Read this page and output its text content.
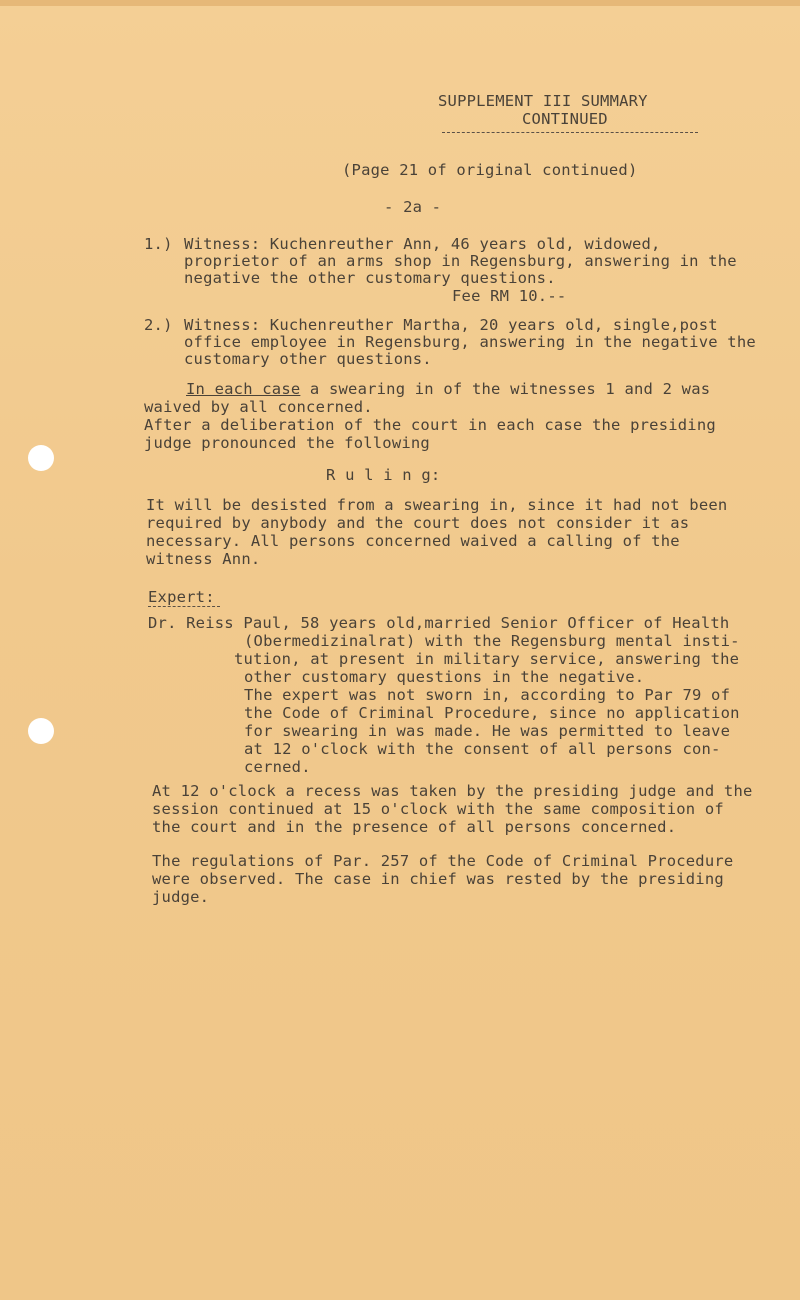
SUPPLEMENT III SUMMARY
CONTINUED
(Page 21 of original continued)
- 2a -
1.) Witness: Kuchenreuther Ann, 46 years old, widowed,
proprietor of an arms shop in Regensburg, answering in the
negative the other customary questions.
Fee RM 10.--
2.) Witness: Kuchenreuther Martha, 20 years old, single,post
office employee in Regensburg, answering in the negative the
customary other questions.
In each case a swearing in of the witnesses 1 and 2 was
waived by all concerned.
After a deliberation of the court in each case the presiding
judge pronounced the following
R u l i n g:
It will be desisted from a swearing in, since it had not been
required by anybody and the court does not consider it as
necessary. All persons concerned waived a calling of the
witness Ann.
Expert:
Dr. Reiss Paul, 58 years old,married Senior Officer of Health
(Obermedizinalrat) with the Regensburg mental insti-
tution, at present in military service, answering the
other customary questions in the negative.
The expert was not sworn in, according to Par 79 of
the Code of Criminal Procedure, since no application
for swearing in was made. He was permitted to leave
at 12 o'clock with the consent of all persons con-
cerned.
At 12 o'clock a recess was taken by the presiding judge and the
session continued at 15 o'clock with the same composition of
the court and in the presence of all persons concerned.
The regulations of Par. 257 of the Code of Criminal Procedure
were observed. The case in chief was rested by the presiding
judge.
